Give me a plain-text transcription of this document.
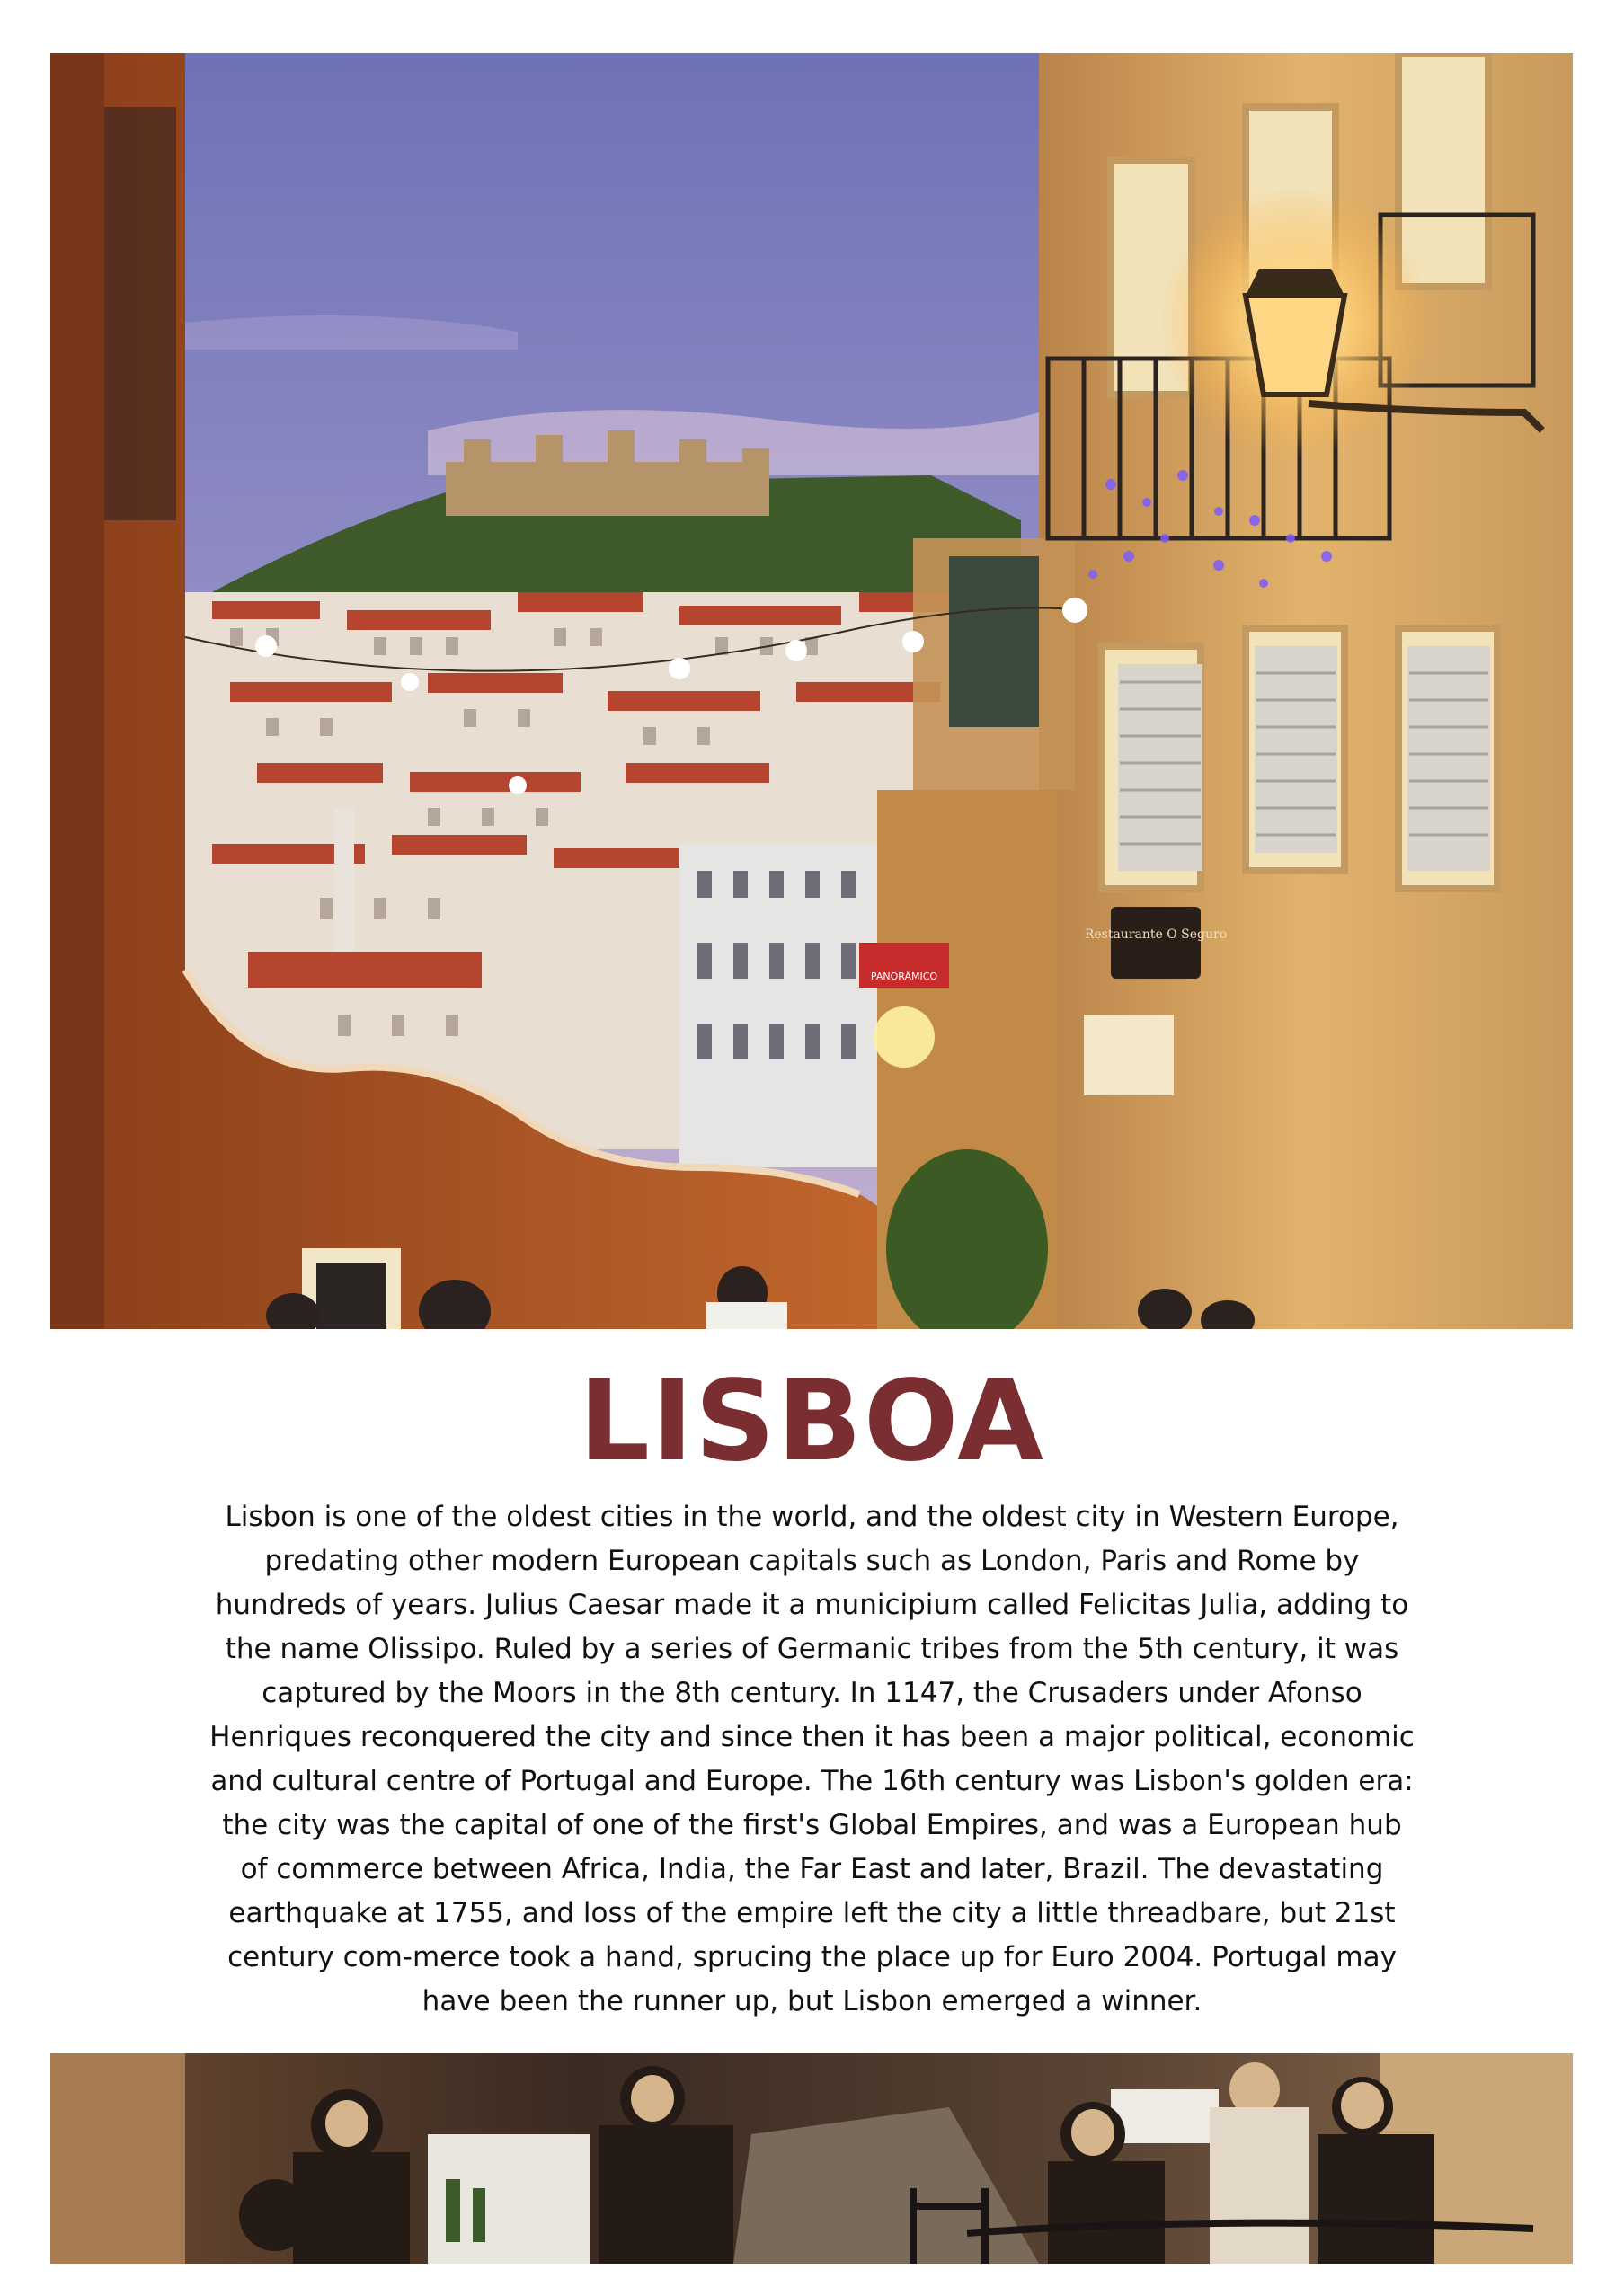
Restaurante O Seguro
PANORÂMICO
LISBOA

Lisbon is one of the oldest cities in the world, and the oldest city in Western Europe, predating other modern European capitals such as London, Paris and Rome by hundreds of years. Julius Caesar made it a municipium called Felicitas Julia, adding to the name Olissipo. Ruled by a series of Germanic tribes from the 5th century, it was captured by the Moors in the 8th century. In 1147, the Crusaders under Afonso Henriques reconquered the city and since then it has been a major political, economic and cultural centre of Portugal and Europe. The 16th century was Lisbon's golden era: the city was the capital of one of the first's Global Empires, and was a European hub of commerce between Africa, India, the Far East and later, Brazil. The devastating earthquake at 1755, and loss of the empire left the city a little threadbare, but 21st century com-merce took a hand, sprucing the place up for Euro 2004. Portugal may have been the runner up, but Lisbon emerged a winner.
